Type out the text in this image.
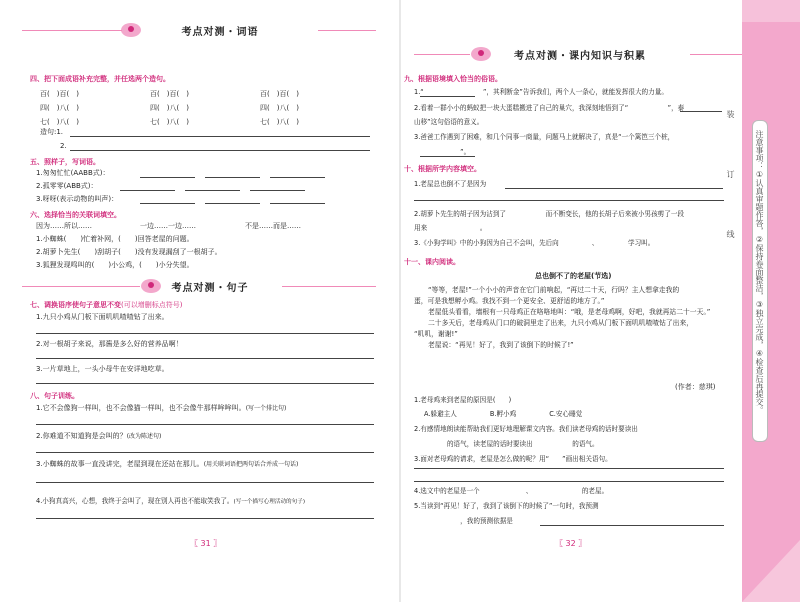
考点对测・词语
四、把下面成语补充完整，并任选两个造句。
百(　)百(　)	百(　)百(　)	百(　)百(　)
四(　)八(　)	四(　)八(　)	四(　)八(　)
七(　)八(　)	七(　)八(　)	七(　)八(　)
造句:1.
2.
五、照样子，写词语。
1.匆匆忙忙(AABB式)：
2.孤零零(ABB式)：
3.呀呀(表示动物的叫声)：
六、选择恰当的关联词填空。
因为……所以……	一边……一边……	不是……而是……
1.小蜘蛛(　　)忙着补网，(　　)回答老屋的问题。
2.胡萝卜先生(　　)刮胡子(　　)没有发现漏刮了一根胡子。
3.狐狸发现鸣叫的(　　)小公鸡，(　　)小分失望。
考点对测・句子
七、调换语序使句子意思不变(可以增删标点符号)
1.九只小鸡从门板下面叽叽喳喳钻了出来。
2.对一根胡子来说，那酱是多么好的营养品啊！
3.一片草地上，一头小母牛在安详地吃草。
八、句子训练。
1.它不会像狗一样叫，也不会像猫一样叫，也不会像牛那样哞哞叫。(写一个排比句)
2.你难道不知道狗是会叫的？(改为陈述句)
3.小蜘蛛的故事一直没讲完，老屋到现在还站在那儿。(用关联词语把两句话合并成一句话)
4.小狗真高兴，心想，我终于会叫了，现在别人再也不能取笑我了。(写一个描写心理活动的句子)
〖 31 〗
考点对测・课内知识与积累
九、根据语境填入恰当的俗语。
1.“　　　　　　　　　”，其利断金”告诉我们，两个人一条心，就能发挥很大的力量。
2.看着一群小小的蚂蚁把一块大蛋糕搬进了自己的巢穴，我深刻地悟到了“　　　　　　”，泰
山移”这句俗语的意义。
3.爸爸工作遇到了困难，和几个同事一商量，问题马上就解决了，真是“一个篱笆三个桩，
　　　　　　　”。
十、根据所学内容填空。
1.老屋总也倒不了是因为
2.胡萝卜先生的胡子因为沾到了　　　　　　而不断变长，他的长胡子后来被小男孩剪了一段
用来　　　　　　　　。
3.《小狗学叫》中的小狗因为自己不会叫，先后向　　　　　、　　　　　学习叫。
十一、课内阅读。
总也倒不了的老屋(节选)

“等等，老屋!”一个小小的声音在它门前响起，“再过二十天，行吗？主人想拿走我的

蛋，可是我想孵小鸡。我找不到一个更安全、更舒适的地方了。”

老屋低头看看，墙根有一只母鸡正在咯咯地叫：“哦，是老母鸡啊，好吧，我就再站二十一天。”

二十多天后，老母鸡从门口的破洞里走了出来，九只小鸡从门板下面叽叽喳喳钻了出来，

“叽叽，谢谢!”

老屋说：“再见！好了，我到了该倒下的时候了!”

(作者：慈琪)
1.老母鸡来到老屋的原因是(　　)
A.躲避主人　　　　　B.孵小鸡　　　　　C.安心睡觉
2.有感情地朗读能帮助我们更好地理解课文内容。我们读老母鸡的话时要读出
　　　　　的语气，读老屋的话时要读出　　　　　　的语气。
3.面对老母鸡的请求，老屋是怎么做的呢？用“　　”画出相关语句。
4.选文中的老屋是一个　　　　　　　、　　　　　　　　的老屋。
5.当读到“再见！好了，我到了该倒下的时候了”一句时，我预测
　　　　　　　，我的预测依据是
〖 32 〗
注意事项：①认真审题作答，②保持卷面整洁，③独立完成，④检查后再提交。
装　　　　　订　　　　　线
